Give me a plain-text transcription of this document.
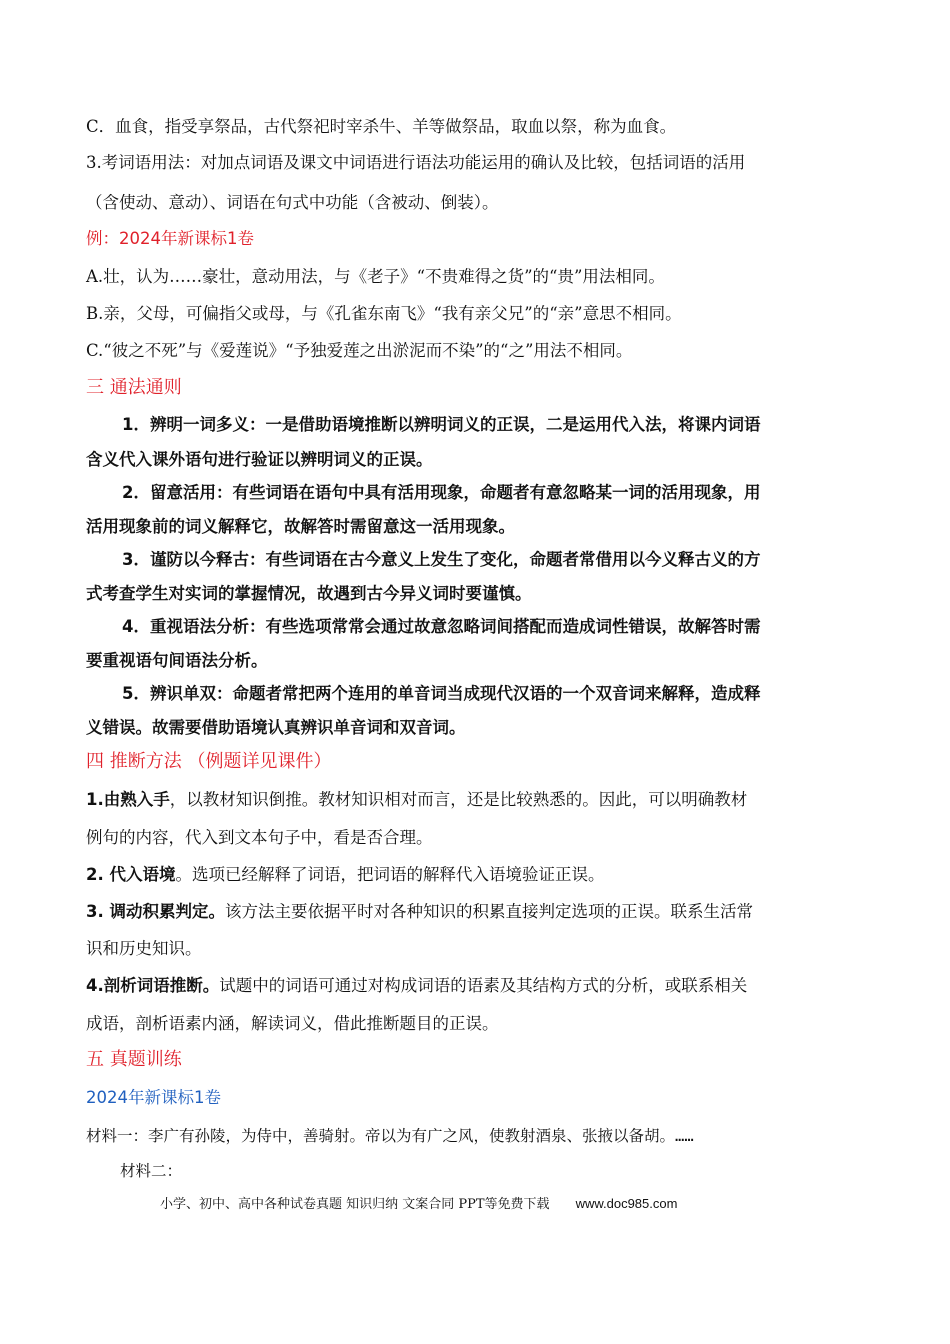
C．血食，指受享祭品，古代祭祀时宰杀牛、羊等做祭品，取血以祭，称为血食。
3.考词语用法：对加点词语及课文中词语进行语法功能运用的确认及比较，包括词语的活用
（含使动、意动）、词语在句式中功能（含被动、倒装）。
例：2024年新课标1卷
A.壮，认为……豪壮，意动用法，与《老子》“不贵难得之货”的“贵”用法相同。
B.亲，父母，可偏指父或母，与《孔雀东南飞》“我有亲父兄”的“亲”意思不相同。
C.“彼之不死”与《爱莲说》“予独爱莲之出淤泥而不染”的“之”用法不相同。
三 通法通则
1．辨明一词多义：一是借助语境推断以辨明词义的正误，二是运用代入法，将课内词语
含义代入课外语句进行验证以辨明词义的正误。
2．留意活用：有些词语在语句中具有活用现象，命题者有意忽略某一词的活用现象，用
活用现象前的词义解释它，故解答时需留意这一活用现象。
3．谨防以今释古：有些词语在古今意义上发生了变化，命题者常借用以今义释古义的方
式考查学生对实词的掌握情况，故遇到古今异义词时要谨慎。
4．重视语法分析：有些选项常常会通过故意忽略词间搭配而造成词性错误，故解答时需
要重视语句间语法分析。
5．辨识单双：命题者常把两个连用的单音词当成现代汉语的一个双音词来解释，造成释
义错误。故需要借助语境认真辨识单音词和双音词。
四 推断方法 （例题详见课件）
1.由熟入手，以教材知识倒推。教材知识相对而言，还是比较熟悉的。因此，可以明确教材
例句的内容，代入到文本句子中，看是否合理。
2. 代入语境。选项已经解释了词语，把词语的解释代入语境验证正误。
3. 调动积累判定。该方法主要依据平时对各种知识的积累直接判定选项的正误。联系生活常
识和历史知识。
4.剖析词语推断。试题中的词语可通过对构成词语的语素及其结构方式的分析，或联系相关
成语，剖析语素内涵，解读词义，借此推断题目的正误。
五 真题训练
2024年新课标1卷
材料一：李广有孙陵，为侍中，善骑射。帝以为有广之风，使教射酒泉、张掖以备胡。……
材料二：
小学、初中、高中各种试卷真题 知识归纳 文案合同 PPT等免费下载 www.doc985.com
